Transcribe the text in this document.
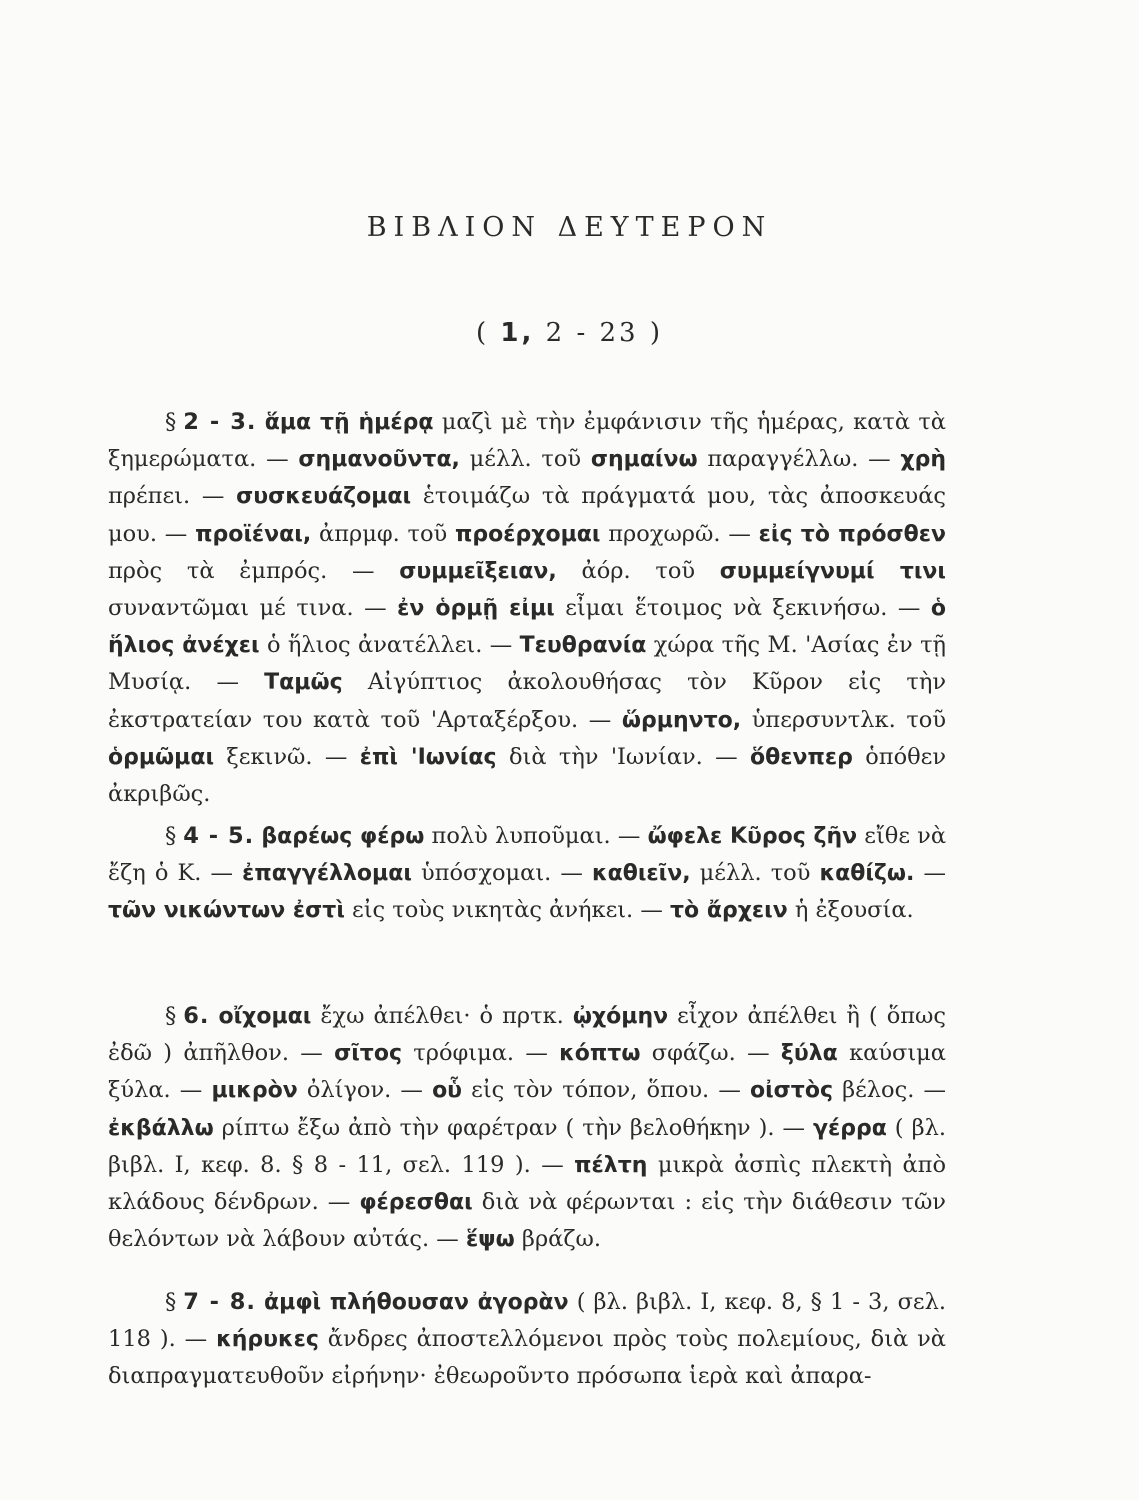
ΒΙΒΛΙΟΝ ΔΕΥΤΕΡΟΝ
( 1, 2 - 23 )

§ 2 - 3. ἅμα τῇ ἡμέρᾳ μαζὶ μὲ τὴν ἐμφάνισιν τῆς ἡμέρας, κατὰ τὰ ξημερώματα. — σημανοῦντα, μέλλ. τοῦ σημαίνω παραγγέλλω. — χρὴ πρέπει. — συσκευάζομαι ἑτοιμάζω τὰ πράγματά μου, τὰς ἀποσκευάς μου. — προϊέναι, ἀπρμφ. τοῦ προέρχομαι προχωρῶ. — εἰς τὸ πρόσθεν πρὸς τὰ ἐμπρός. — συμμεῖξειαν, ἀόρ. τοῦ συμμείγνυμί τινι συναντῶμαι μέ τινα. — ἐν ὁρμῇ εἰμι εἶμαι ἕτοιμος νὰ ξεκινήσω. — ὁ ἥλιος ἀνέχει ὁ ἥλιος ἀνατέλλει. — Τευθρανία χώρα τῆς Μ. 'Ασίας ἐν τῇ Μυσίᾳ. — Ταμῶς Αἰγύπτιος ἀκολουθήσας τὸν Κῦρον εἰς τὴν ἐκστρατείαν του κατὰ τοῦ 'Αρταξέρξου. — ὥρμηντο, ὑπερσυντλκ. τοῦ ὁρμῶμαι ξεκινῶ. — ἐπὶ 'Ιωνίας διὰ τὴν 'Ιωνίαν. — ὅθενπερ ὁπόθεν ἀκριβῶς.

§ 4 - 5. βαρέως φέρω πολὺ λυποῦμαι. — ὤφελε Κῦρος ζῆν εἴθε νὰ ἔζη ὁ Κ. — ἐπαγγέλλομαι ὑπόσχομαι. — καθιεῖν, μέλλ. τοῦ καθίζω. — τῶν νικώντων ἐστὶ εἰς τοὺς νικητὰς ἀνήκει. — τὸ ἄρχειν ἡ ἐξουσία.

§ 6. οἴχομαι ἔχω ἀπέλθει· ὁ πρτκ. ᾠχόμην εἶχον ἀπέλθει ἢ ( ὅπως ἐδῶ ) ἀπῆλθον. — σῖτος τρόφιμα. — κόπτω σφάζω. — ξύλα καύσιμα ξύλα. — μικρὸν ὀλίγον. — οὗ εἰς τὸν τόπον, ὅπου. — οἰστὸς βέλος. — ἐκβάλλω ρίπτω ἔξω ἀπὸ τὴν φαρέτραν ( τὴν βελοθήκην ). — γέρρα ( βλ. βιβλ. Ι, κεφ. 8. § 8 - 11, σελ. 119 ). — πέλτη μικρὰ ἀσπὶς πλεκτὴ ἀπὸ κλάδους δένδρων. — φέρεσθαι διὰ νὰ φέρωνται : εἰς τὴν διάθεσιν τῶν θελόντων νὰ λάβουν αὐτάς. — ἕψω βράζω.

§ 7 - 8. ἀμφὶ πλήθουσαν ἀγορὰν ( βλ. βιβλ. Ι, κεφ. 8, § 1 - 3, σελ. 118 ). — κήρυκες ἄνδρες ἀποστελλόμενοι πρὸς τοὺς πολεμίους, διὰ νὰ διαπραγματευθοῦν εἰρήνην· ἐθεωροῦντο πρόσωπα ἱερὰ καὶ ἀπαρα-
